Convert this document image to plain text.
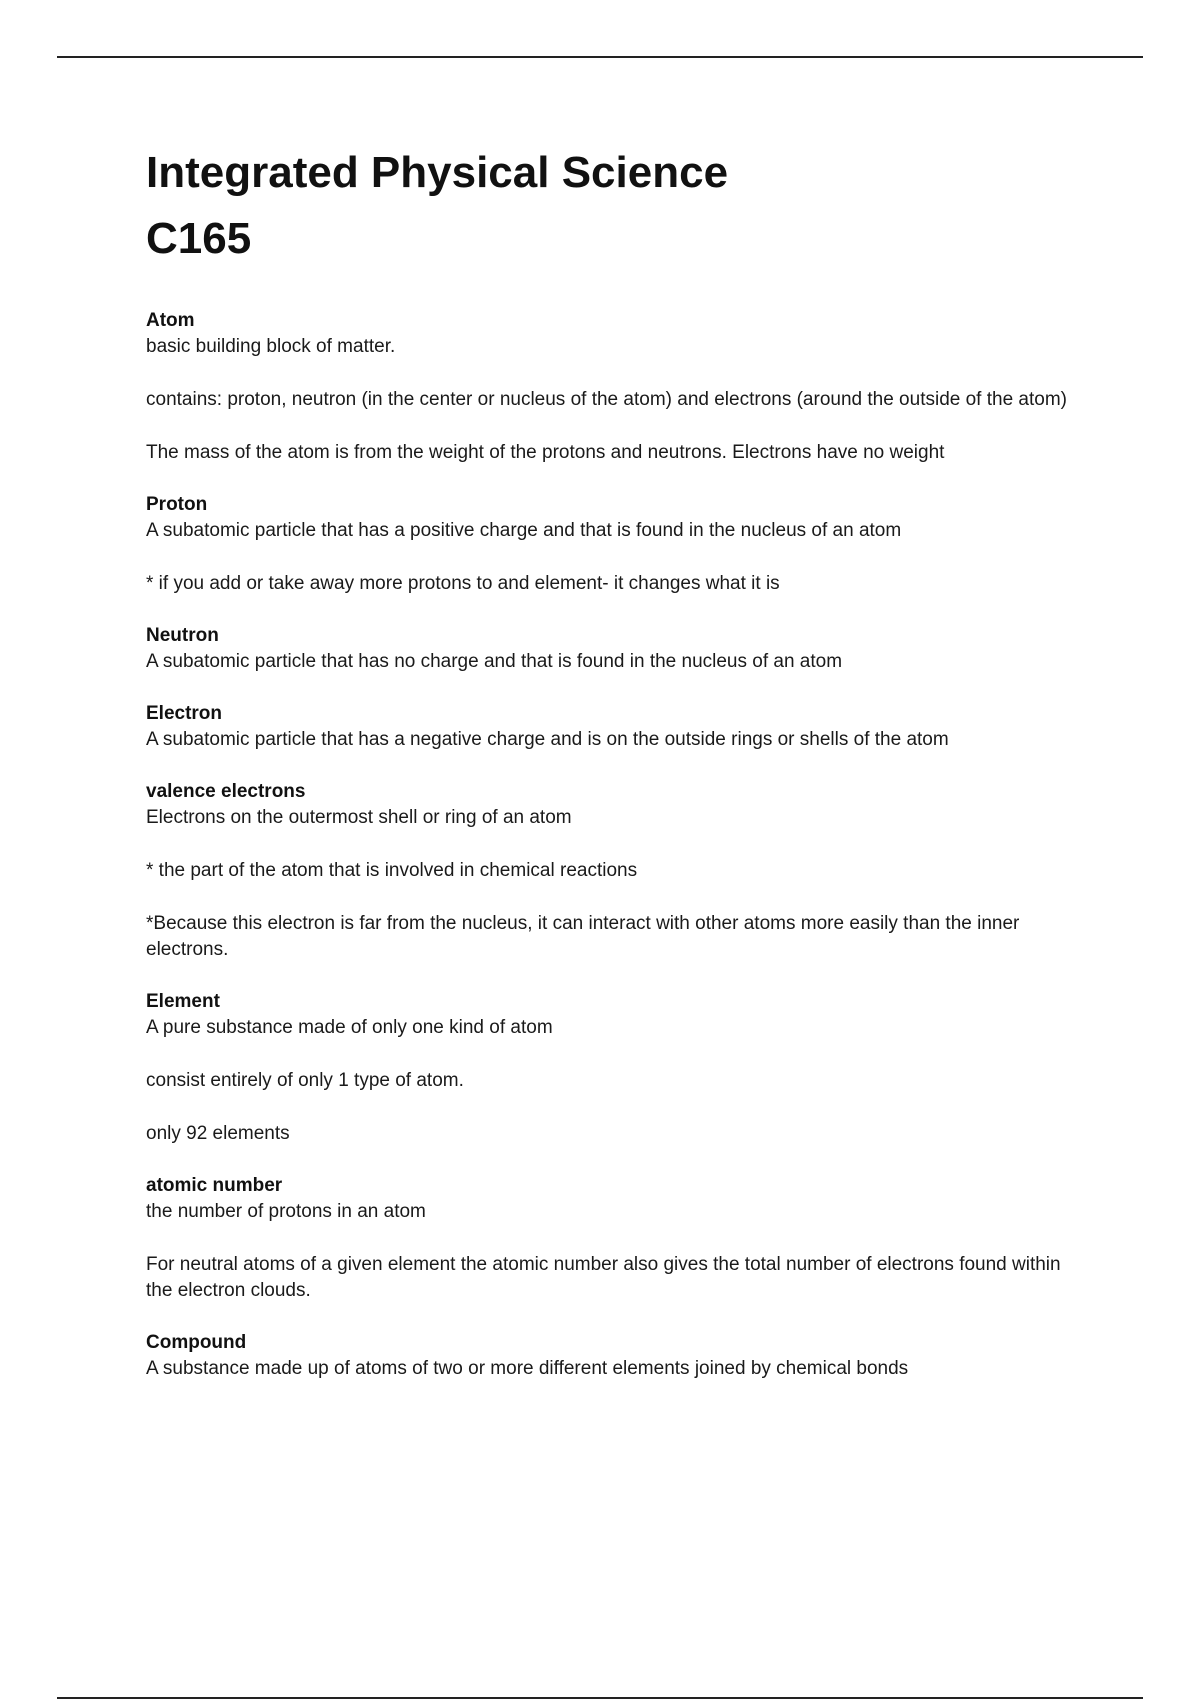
Integrated Physical Science
C165
Atom

basic building block of matter.

contains: proton, neutron (in the center or nucleus of the atom) and electrons (around the outside of the atom)

The mass of the atom is from the weight of the protons and neutrons. Electrons have no weight

Proton

A subatomic particle that has a positive charge and that is found in the nucleus of an atom

* if you add or take away more protons to and element- it changes what it is

Neutron

A subatomic particle that has no charge and that is found in the nucleus of an atom

Electron

A subatomic particle that has a negative charge and is on the outside rings or shells of the atom

valence electrons

Electrons on the outermost shell or ring of an atom

* the part of the atom that is involved in chemical reactions

*Because this electron is far from the nucleus, it can interact with other atoms more easily than the inner electrons.

Element

A pure substance made of only one kind of atom

consist entirely of only 1 type of atom.

only 92 elements

atomic number

the number of protons in an atom

For neutral atoms of a given element the atomic number also gives the total number of electrons found within the electron clouds.

Compound

A substance made up of atoms of two or more different elements joined by chemical bonds
